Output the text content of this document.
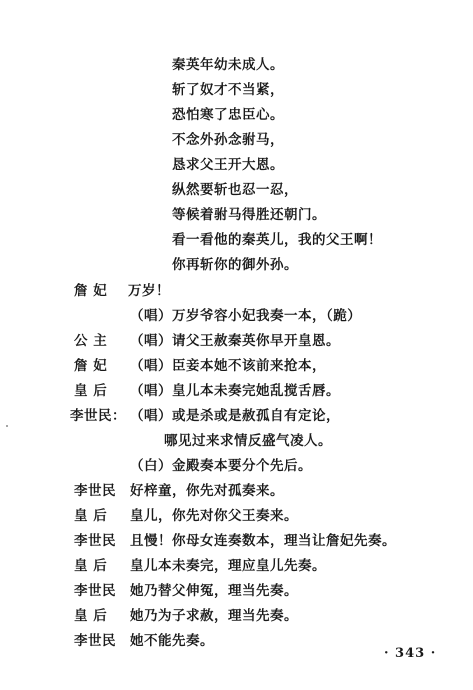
秦英年幼未成人。
斩了奴才不当紧，
恐怕寒了忠臣心。
不念外孙念驸马，
恳求父王开大恩。
纵然要斩也忍一忍，
等候着驸马得胜还朝门。
看一看他的秦英儿，我的父王啊！
你再斩你的御外孙。
詹 妃 万岁！
（唱）万岁爷容小妃我奏一本，（跪）
公 主 （唱）请父王赦秦英你早开皇恩。
詹 妃 （唱）臣妾本她不该前来抢本，
皇 后 （唱）皇儿本未奏完她乱搅舌唇。
李世民： （唱）或是杀或是赦孤自有定论，
哪见过来求情反盛气凌人。
（白）金殿奏本要分个先后。
李世民 好梓童，你先对孤奏来。
皇 后 皇儿，你先对你父王奏来。
李世民 且慢！你母女连奏数本，理当让詹妃先奏。
皇 后 皇儿本未奏完，理应皇儿先奏。
李世民 她乃替父伸冤，理当先奏。
皇 后 她乃为子求赦，理当先奏。
李世民 她不能先奏。
· 343 ·
